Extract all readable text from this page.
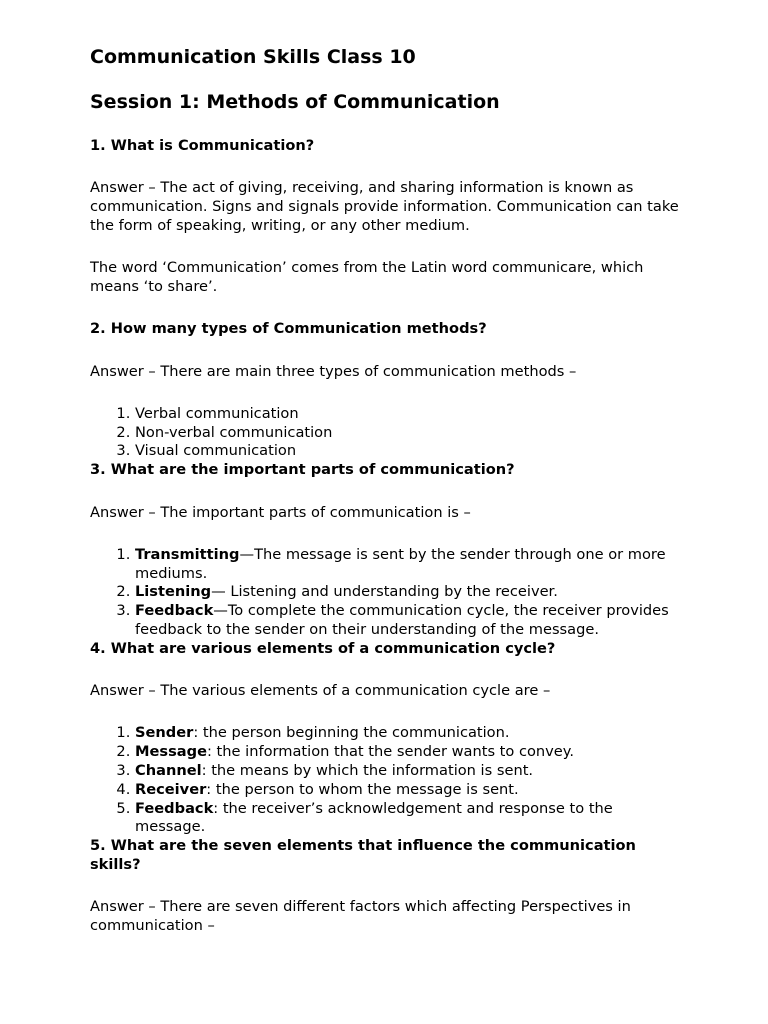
Communication Skills Class 10
Session 1: Methods of Communication

1. What is Communication?

Answer – The act of giving, receiving, and sharing information is known as communication. Signs and signals provide information. Communication can take the form of speaking, writing, or any other medium.

The word ‘Communication’ comes from the Latin word communicare, which means ‘to share’.

2. How many types of Communication methods?

Answer – There are main three types of communication methods –

1. Verbal communication
2. Non-verbal communication
3. Visual communication

3. What are the important parts of communication?

Answer – The important parts of communication is –

1. Transmitting—The message is sent by the sender through one or more mediums.
2. Listening— Listening and understanding by the receiver.
3. Feedback—To complete the communication cycle, the receiver provides feedback to the sender on their understanding of the message.

4. What are various elements of a communication cycle?

Answer – The various elements of a communication cycle are –

1. Sender: the person beginning the communication.
2. Message: the information that the sender wants to convey.
3. Channel: the means by which the information is sent.
4. Receiver: the person to whom the message is sent.
5. Feedback: the receiver’s acknowledgement and response to the message.

5. What are the seven elements that influence the communication skills?

Answer – There are seven different factors which affecting Perspectives in communication –
